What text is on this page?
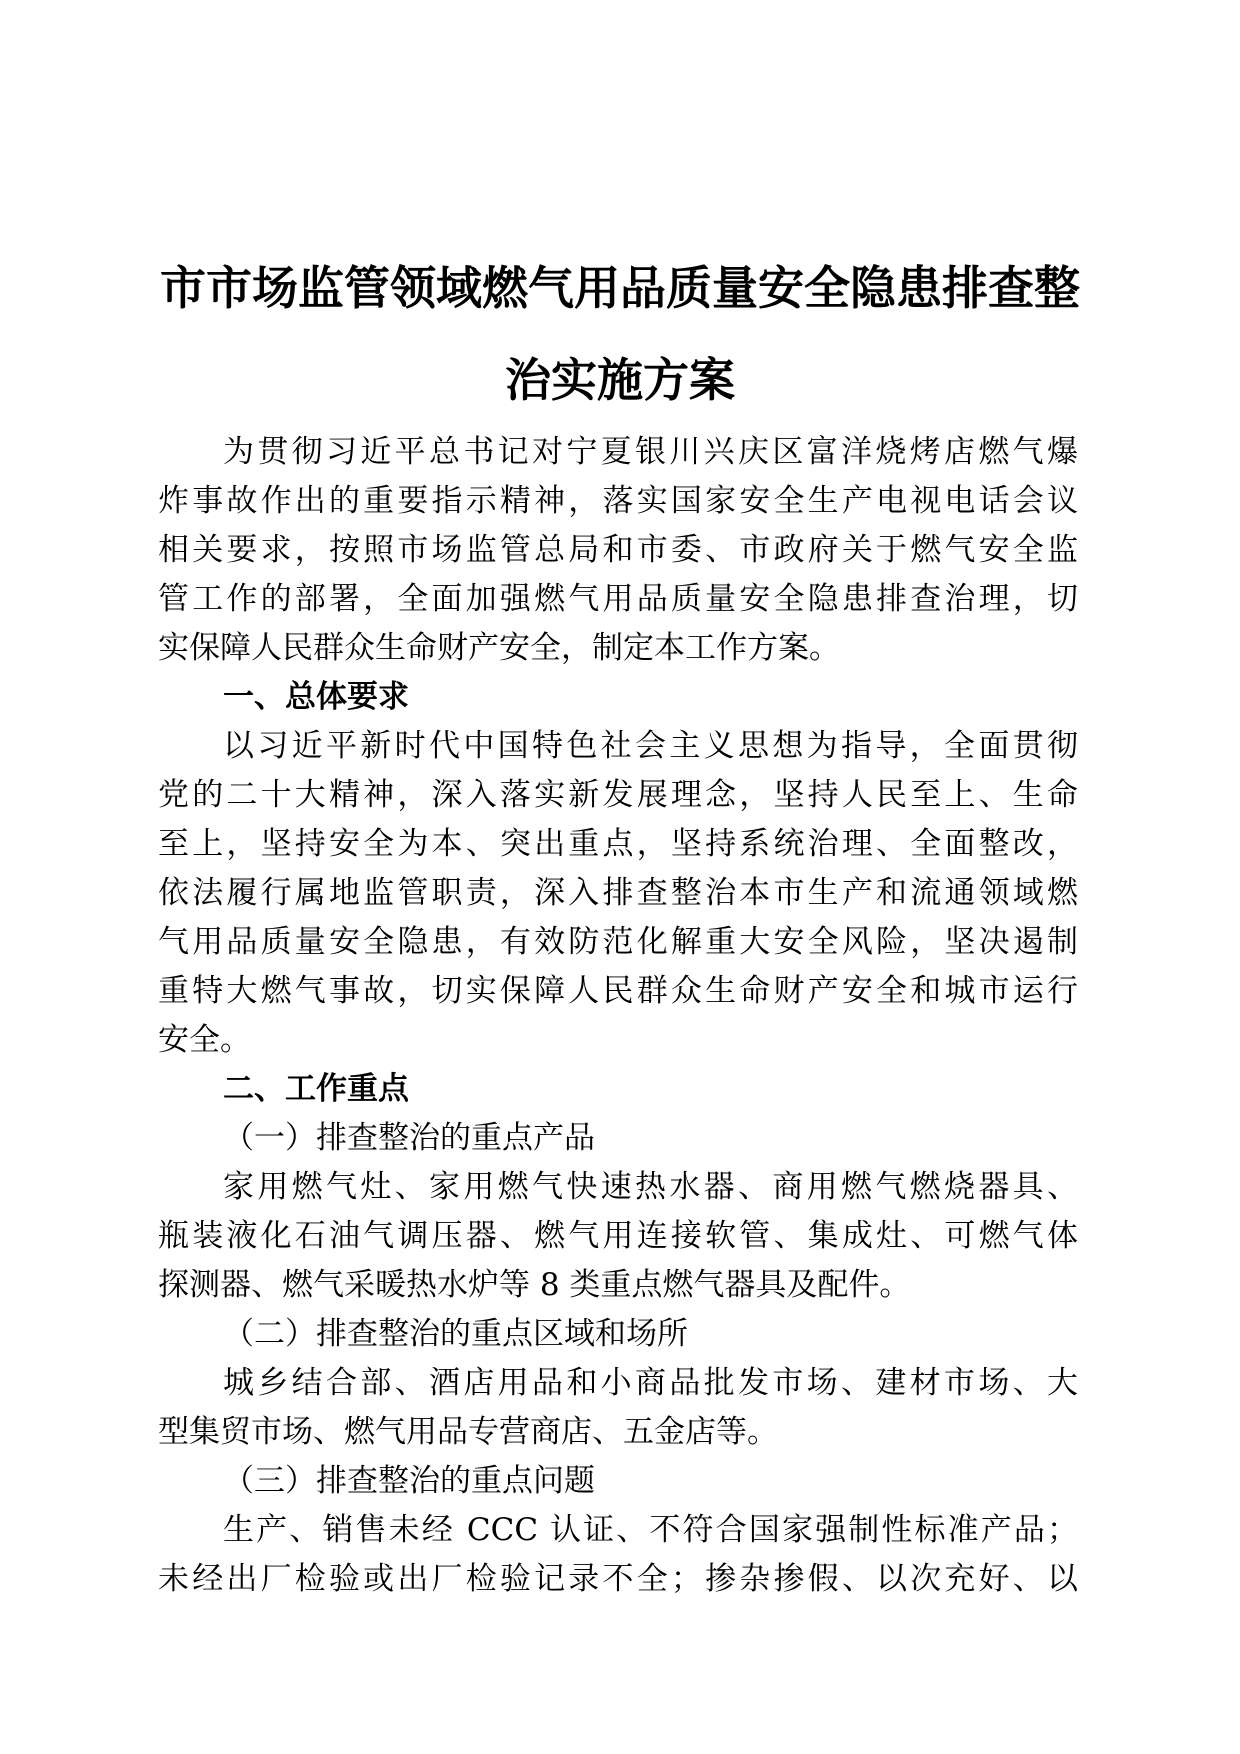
市市场监管领域燃气用品质量安全隐患排查整
治实施方案
为贯彻习近平总书记对宁夏银川兴庆区富洋烧烤店燃气爆
炸事故作出的重要指示精神，落实国家安全生产电视电话会议
相关要求，按照市场监管总局和市委、市政府关于燃气安全监
管工作的部署，全面加强燃气用品质量安全隐患排查治理，切
实保障人民群众生命财产安全，制定本工作方案。
一、总体要求
以习近平新时代中国特色社会主义思想为指导，全面贯彻
党的二十大精神，深入落实新发展理念，坚持人民至上、生命
至上，坚持安全为本、突出重点，坚持系统治理、全面整改，
依法履行属地监管职责，深入排查整治本市生产和流通领域燃
气用品质量安全隐患，有效防范化解重大安全风险，坚决遏制
重特大燃气事故，切实保障人民群众生命财产安全和城市运行
安全。
二、工作重点
（一）排查整治的重点产品
家用燃气灶、家用燃气快速热水器、商用燃气燃烧器具、
瓶装液化石油气调压器、燃气用连接软管、集成灶、可燃气体
探测器、燃气采暖热水炉等 8 类重点燃气器具及配件。
（二）排查整治的重点区域和场所
城乡结合部、酒店用品和小商品批发市场、建材市场、大
型集贸市场、燃气用品专营商店、五金店等。
（三）排查整治的重点问题
生产、销售未经 CCC 认证、不符合国家强制性标准产品；
未经出厂检验或出厂检验记录不全；掺杂掺假、以次充好、以
